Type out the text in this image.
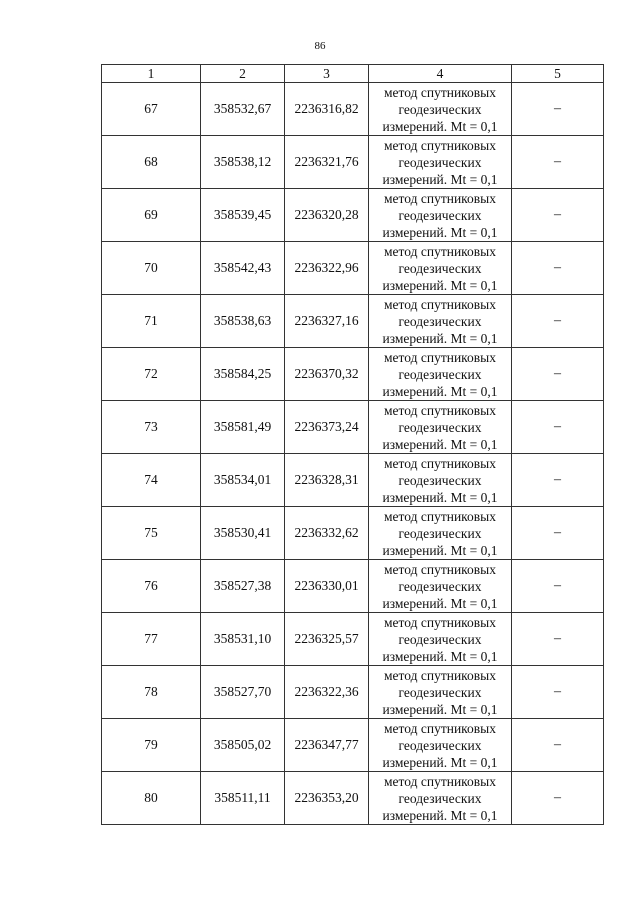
86
1	2	3	4	5
67	358532,67	2236316,82	метод спутниковых
геодезических
измерений. Mt = 0,1	–
68	358538,12	2236321,76	метод спутниковых
геодезических
измерений. Mt = 0,1	–
69	358539,45	2236320,28	метод спутниковых
геодезических
измерений. Mt = 0,1	–
70	358542,43	2236322,96	метод спутниковых
геодезических
измерений. Mt = 0,1	–
71	358538,63	2236327,16	метод спутниковых
геодезических
измерений. Mt = 0,1	–
72	358584,25	2236370,32	метод спутниковых
геодезических
измерений. Mt = 0,1	–
73	358581,49	2236373,24	метод спутниковых
геодезических
измерений. Mt = 0,1	–
74	358534,01	2236328,31	метод спутниковых
геодезических
измерений. Mt = 0,1	–
75	358530,41	2236332,62	метод спутниковых
геодезических
измерений. Mt = 0,1	–
76	358527,38	2236330,01	метод спутниковых
геодезических
измерений. Mt = 0,1	–
77	358531,10	2236325,57	метод спутниковых
геодезических
измерений. Mt = 0,1	–
78	358527,70	2236322,36	метод спутниковых
геодезических
измерений. Mt = 0,1	–
79	358505,02	2236347,77	метод спутниковых
геодезических
измерений. Mt = 0,1	–
80	358511,11	2236353,20	метод спутниковых
геодезических
измерений. Mt = 0,1	–
